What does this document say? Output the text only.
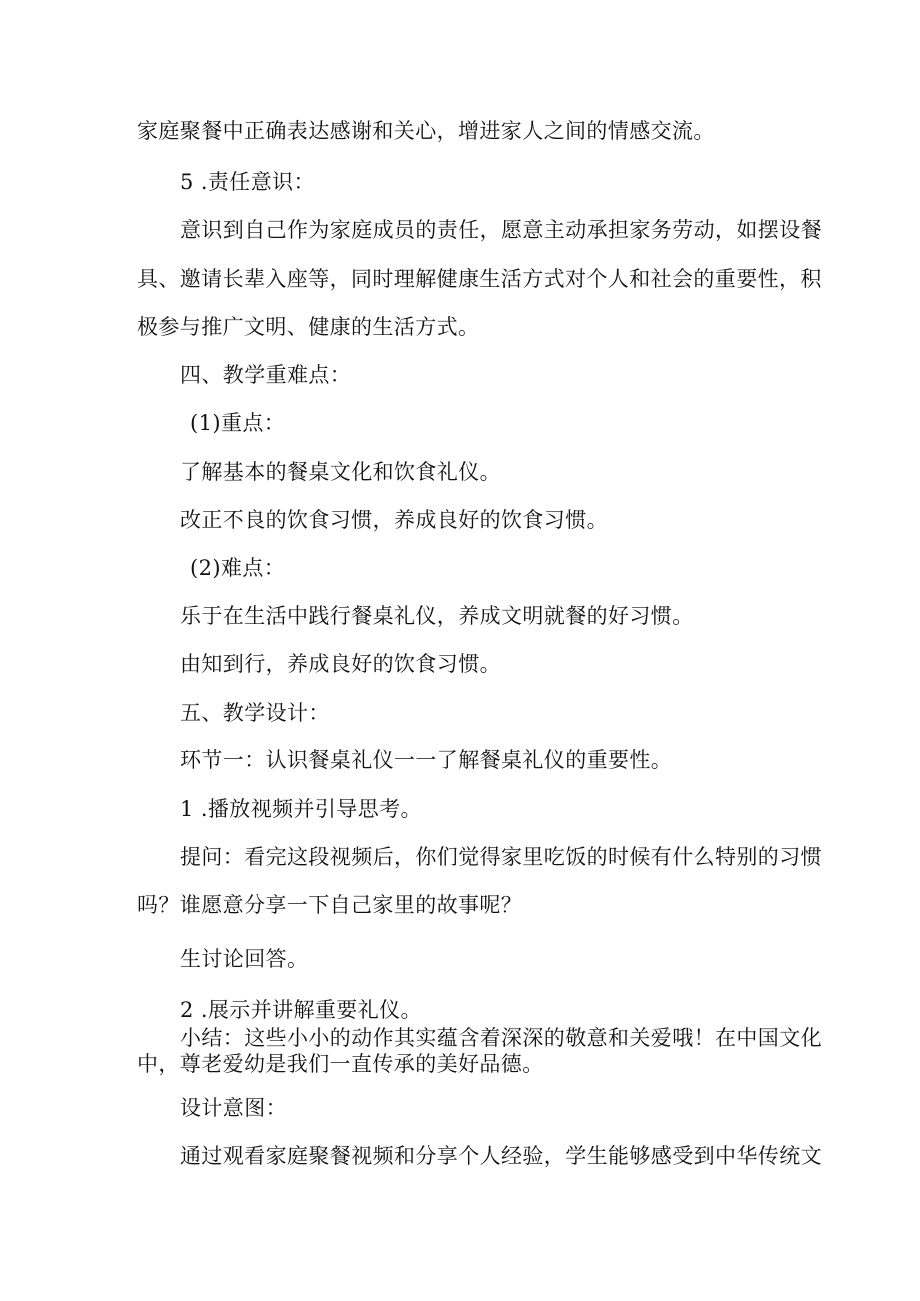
家庭聚餐中正确表达感谢和关心，增进家人之间的情感交流。
5 .责任意识：
意识到自己作为家庭成员的责任，愿意主动承担家务劳动，如摆设餐
具、邀请长辈入座等，同时理解健康生活方式对个人和社会的重要性，积
极参与推广文明、健康的生活方式。
四、教学重难点：
(1)重点：
了解基本的餐桌文化和饮食礼仪。
改正不良的饮食习惯，养成良好的饮食习惯。
(2)难点：
乐于在生活中践行餐桌礼仪，养成文明就餐的好习惯。
由知到行，养成良好的饮食习惯。
五、教学设计：
环节一：认识餐桌礼仪一一了解餐桌礼仪的重要性。
1 .播放视频并引导思考。
提问：看完这段视频后，你们觉得家里吃饭的时候有什么特别的习惯
吗？谁愿意分享一下自己家里的故事呢？
生讨论回答。
2 .展示并讲解重要礼仪。
小结：这些小小的动作其实蕴含着深深的敬意和关爱哦！在中国文化
中，尊老爱幼是我们一直传承的美好品德。
设计意图：
通过观看家庭聚餐视频和分享个人经验，学生能够感受到中华传统文
